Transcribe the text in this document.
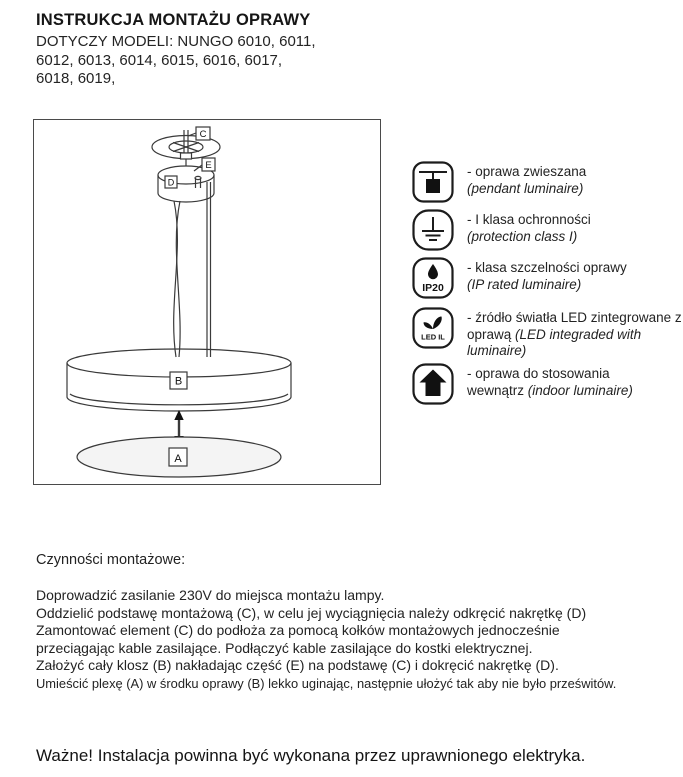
INSTRUKCJA MONTAŻU OPRAWY
DOTYCZY MODELI: NUNGO 6010, 6011,
6012, 6013, 6014, 6015, 6016, 6017,
6018, 6019,
C
E
D
B
A
- oprawa zwieszana
(pendant luminaire)
- I klasa ochronności
(protection class I)
IP20
- klasa szczelności oprawy
(IP rated luminaire)
LED IL
- źródło światła LED zintegrowane z oprawą (LED integraded with luminaire)
- oprawa do stosowania wewnątrz (indoor luminaire)
Czynności montażowe:
Doprowadzić zasilanie 230V do miejsca montażu lampy.
Oddzielić podstawę montażową (C), w celu jej wyciągnięcia należy odkręcić nakrętkę (D)
Zamontować element (C) do podłoża za pomocą kołków montażowych jednocześnie
przeciągając kable zasilające. Podłączyć kable zasilające do kostki elektrycznej.
Założyć cały klosz (B) nakładając część (E) na podstawę (C) i dokręcić nakrętkę (D).
Umieścić plexę (A) w środku oprawy (B) lekko uginając, następnie ułożyć tak aby nie było prześwitów.
Ważne! Instalacja powinna być wykonana przez uprawnionego elektryka.
